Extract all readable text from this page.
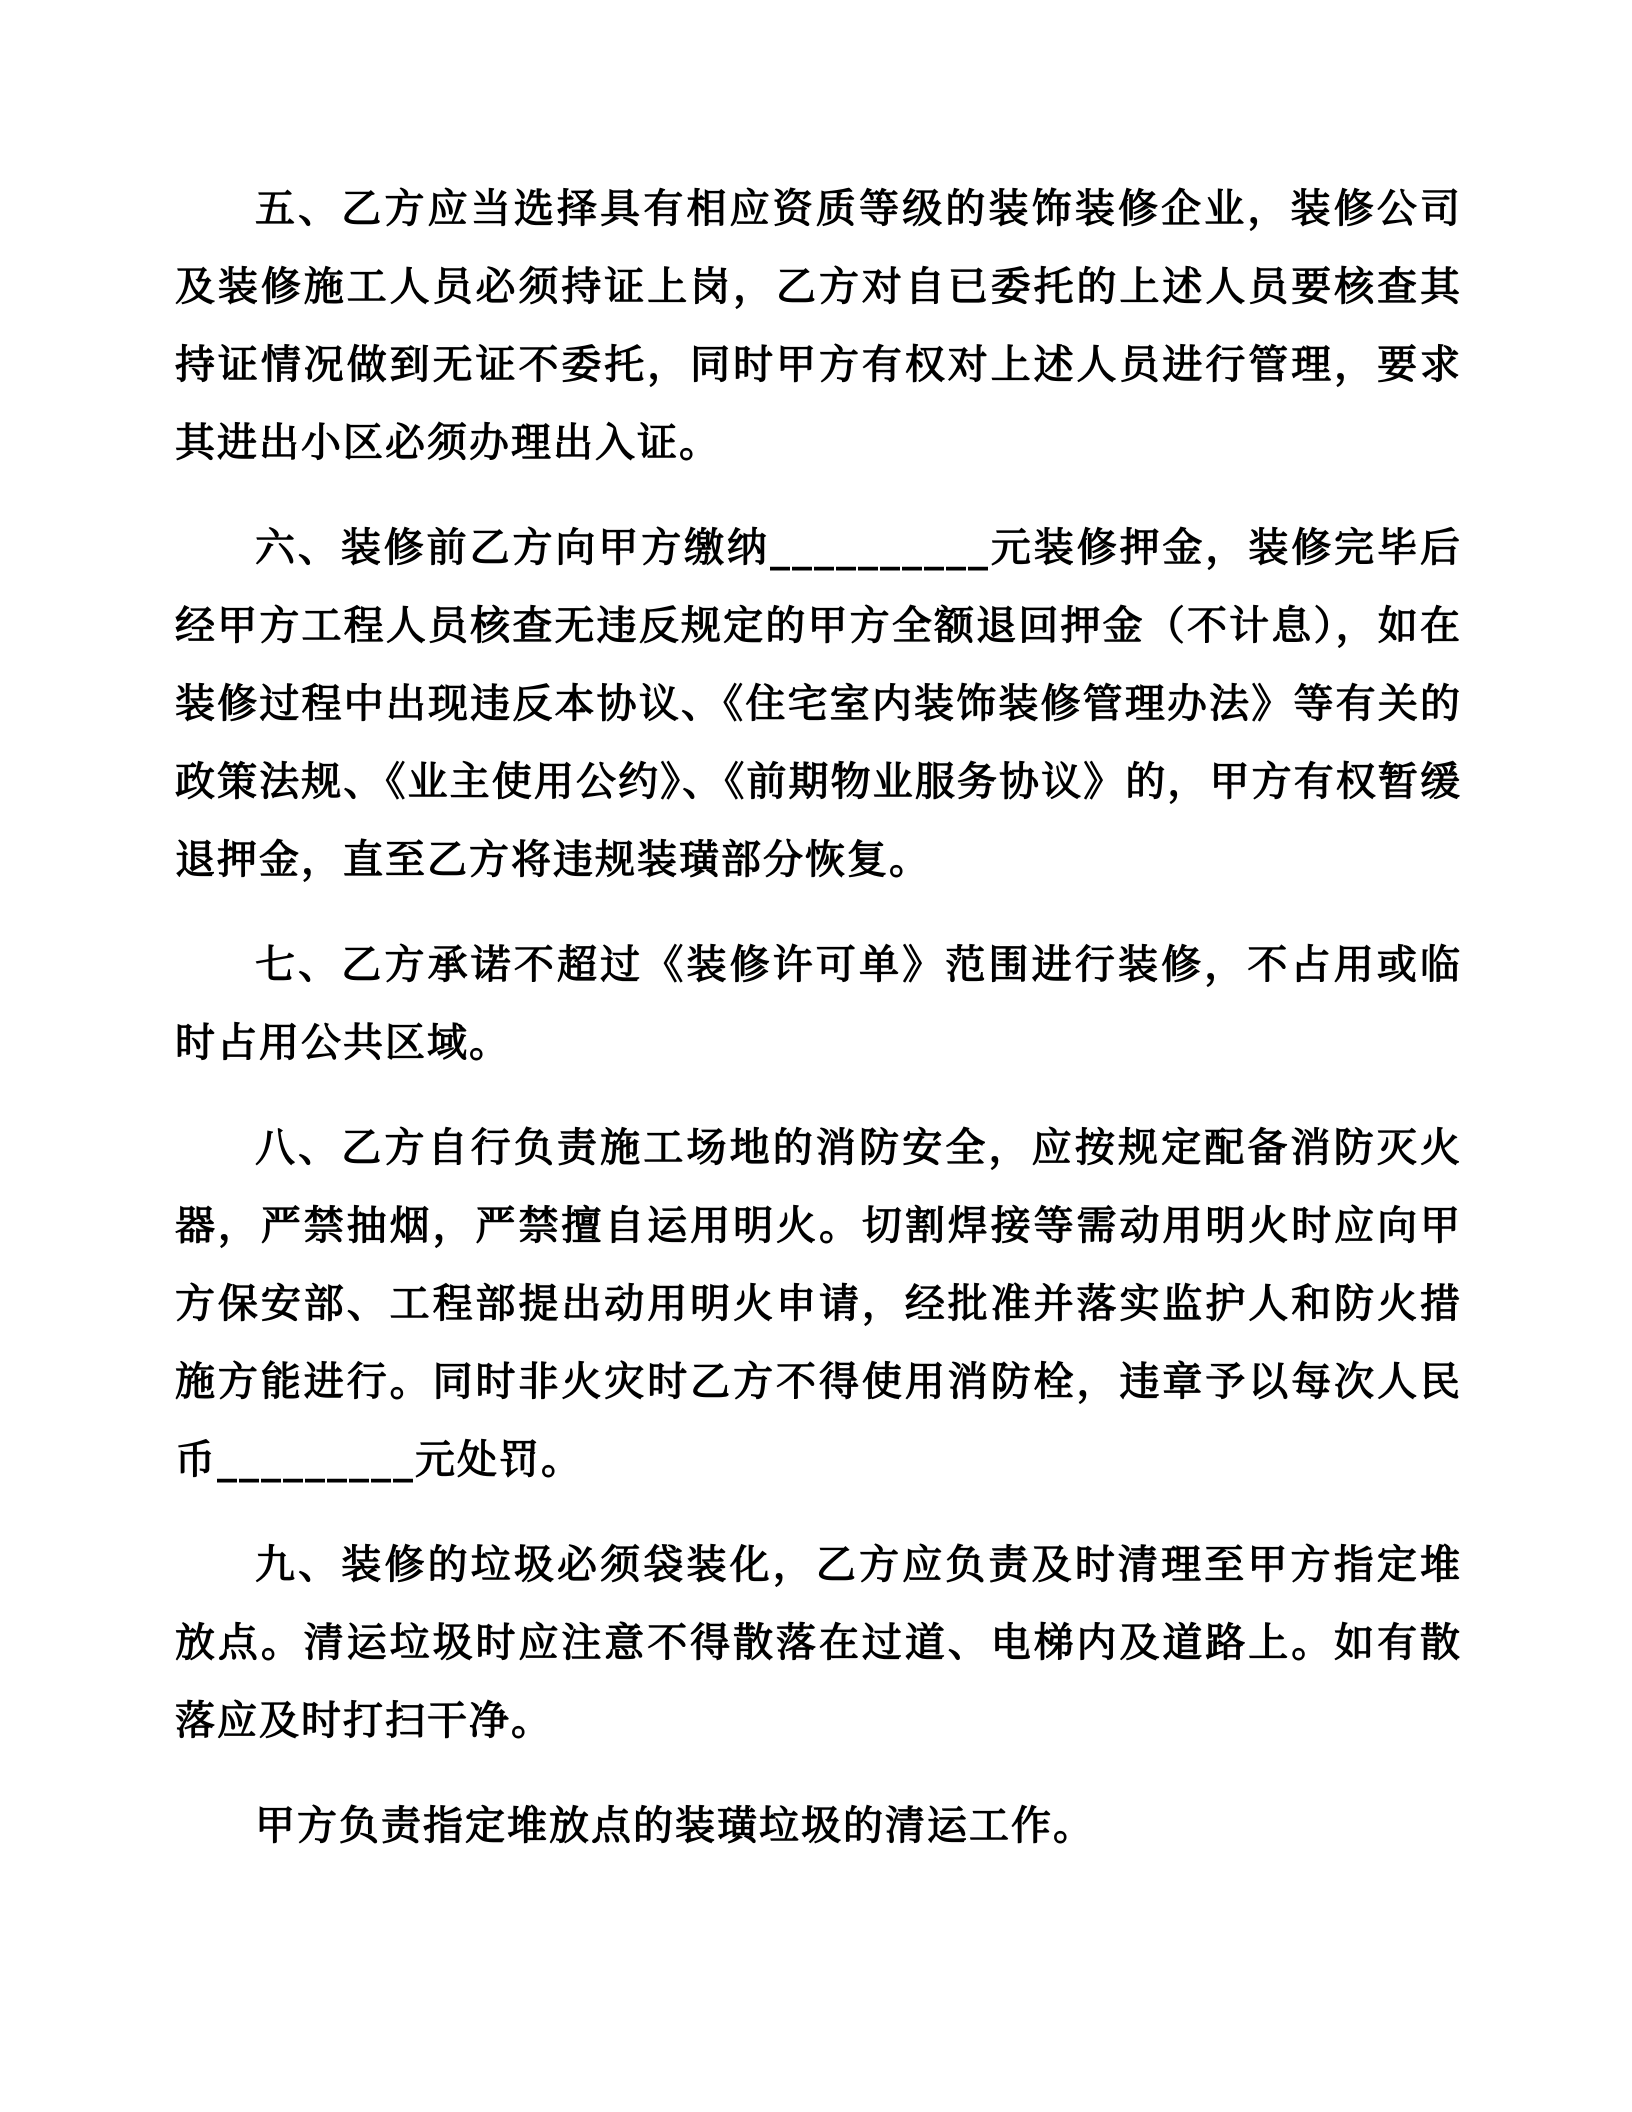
五、乙方应当选择具有相应资质等级的装饰装修企业，装修公司及装修施工人员必须持证上岗，乙方对自已委托的上述人员要核查其持证情况做到无证不委托，同时甲方有权对上述人员进行管理，要求其进出小区必须办理出入证。

六、装修前乙方向甲方缴纳__________元装修押金，装修完毕后经甲方工程人员核查无违反规定的甲方全额退回押金（不计息），如在装修过程中出现违反本协议、《住宅室内装饰装修管理办法》等有关的政策法规、《业主使用公约》、《前期物业服务协议》的，甲方有权暂缓退押金，直至乙方将违规装璜部分恢复。

七、乙方承诺不超过《装修许可单》范围进行装修，不占用或临时占用公共区域。

八、乙方自行负责施工场地的消防安全，应按规定配备消防灭火器，严禁抽烟，严禁擅自运用明火。切割焊接等需动用明火时应向甲方保安部、工程部提出动用明火申请，经批准并落实监护人和防火措施方能进行。同时非火灾时乙方不得使用消防栓，违章予以每次人民币_________元处罚。

九、装修的垃圾必须袋装化，乙方应负责及时清理至甲方指定堆放点。清运垃圾时应注意不得散落在过道、电梯内及道路上。如有散落应及时打扫干净。

甲方负责指定堆放点的装璜垃圾的清运工作。
